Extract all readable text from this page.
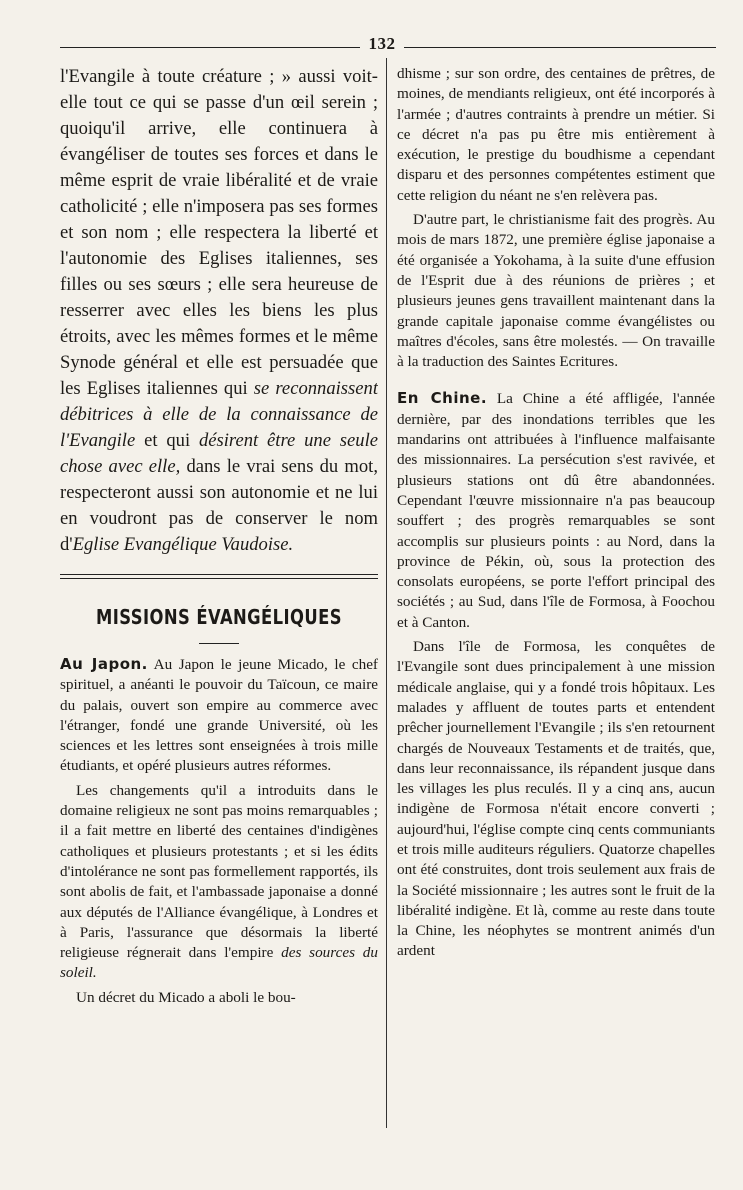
132

l'Evangile à toute créature ; » aussi voit-elle tout ce qui se passe d'un œil serein ; quoiqu'il arrive, elle continuera à évangéliser de toutes ses forces et dans le même esprit de vraie libéralité et de vraie catholicité ; elle n'imposera pas ses formes et son nom ; elle respectera la liberté et l'autonomie des Eglises italiennes, ses filles ou ses sœurs ; elle sera heureuse de resserrer avec elles les biens les plus étroits, avec les mêmes formes et le même Synode général et elle est persuadée que les Eglises italiennes qui se reconnaissent débitrices à elle de la connaissance de l'Evangile et qui désirent être une seule chose avec elle, dans le vrai sens du mot, respecteront aussi son autonomie et ne lui en voudront pas de conserver le nom d'Eglise Evangélique Vaudoise.

MISSIONS ÉVANGÉLIQUES

Au Japon. Au Japon le jeune Micado, le chef spirituel, a anéanti le pouvoir du Taïcoun, ce maire du palais, ouvert son empire au commerce avec l'étranger, fondé une grande Université, où les sciences et les lettres sont enseignées à trois mille étudiants, et opéré plusieurs autres réformes.

Les changements qu'il a introduits dans le domaine religieux ne sont pas moins remarquables ; il a fait mettre en liberté des centaines d'indigènes catholiques et plusieurs protestants ; et si les édits d'intolérance ne sont pas formellement rapportés, ils sont abolis de fait, et l'ambassade japonaise a donné aux députés de l'Alliance évangélique, à Londres et à Paris, l'assurance que désormais la liberté religieuse régnerait dans l'empire des sources du soleil.

Un décret du Micado a aboli le bou-

dhisme ; sur son ordre, des centaines de prêtres, de moines, de mendiants religieux, ont été incorporés à l'armée ; d'autres contraints à prendre un métier. Si ce décret n'a pas pu être mis entièrement à exécution, le prestige du boudhisme a cependant disparu et des personnes compétentes estiment que cette religion du néant ne s'en relèvera pas.

D'autre part, le christianisme fait des progrès. Au mois de mars 1872, une première église japonaise a été organisée a Yokohama, à la suite d'une effusion de l'Esprit due à des réunions de prières ; et plusieurs jeunes gens travaillent maintenant dans la grande capitale japonaise comme évangélistes ou maîtres d'écoles, sans être molestés. — On travaille à la traduction des Saintes Ecritures.

En Chine. La Chine a été affligée, l'année dernière, par des inondations terribles que les mandarins ont attribuées à l'influence malfaisante des missionnaires. La persécution s'est ravivée, et plusieurs stations ont dû être abandonnées. Cependant l'œuvre missionnaire n'a pas beaucoup souffert ; des progrès remarquables se sont accomplis sur plusieurs points : au Nord, dans la province de Pékin, où, sous la protection des consolats européens, se porte l'effort principal des sociétés ; au Sud, dans l'île de Formosa, à Foochou et à Canton.

Dans l'île de Formosa, les conquêtes de l'Evangile sont dues principalement à une mission médicale anglaise, qui y a fondé trois hôpitaux. Les malades y affluent de toutes parts et entendent prêcher journellement l'Evangile ; ils s'en retournent chargés de Nouveaux Testaments et de traités, que, dans leur reconnaissance, ils répandent jusque dans les villages les plus reculés. Il y a cinq ans, aucun indigène de Formosa n'était encore converti ; aujourd'hui, l'église compte cinq cents communiants et trois mille auditeurs réguliers. Quatorze chapelles ont été construites, dont trois seulement aux frais de la Société missionnaire ; les autres sont le fruit de la libéralité indigène. Et là, comme au reste dans toute la Chine, les néophytes se montrent animés d'un ardent
